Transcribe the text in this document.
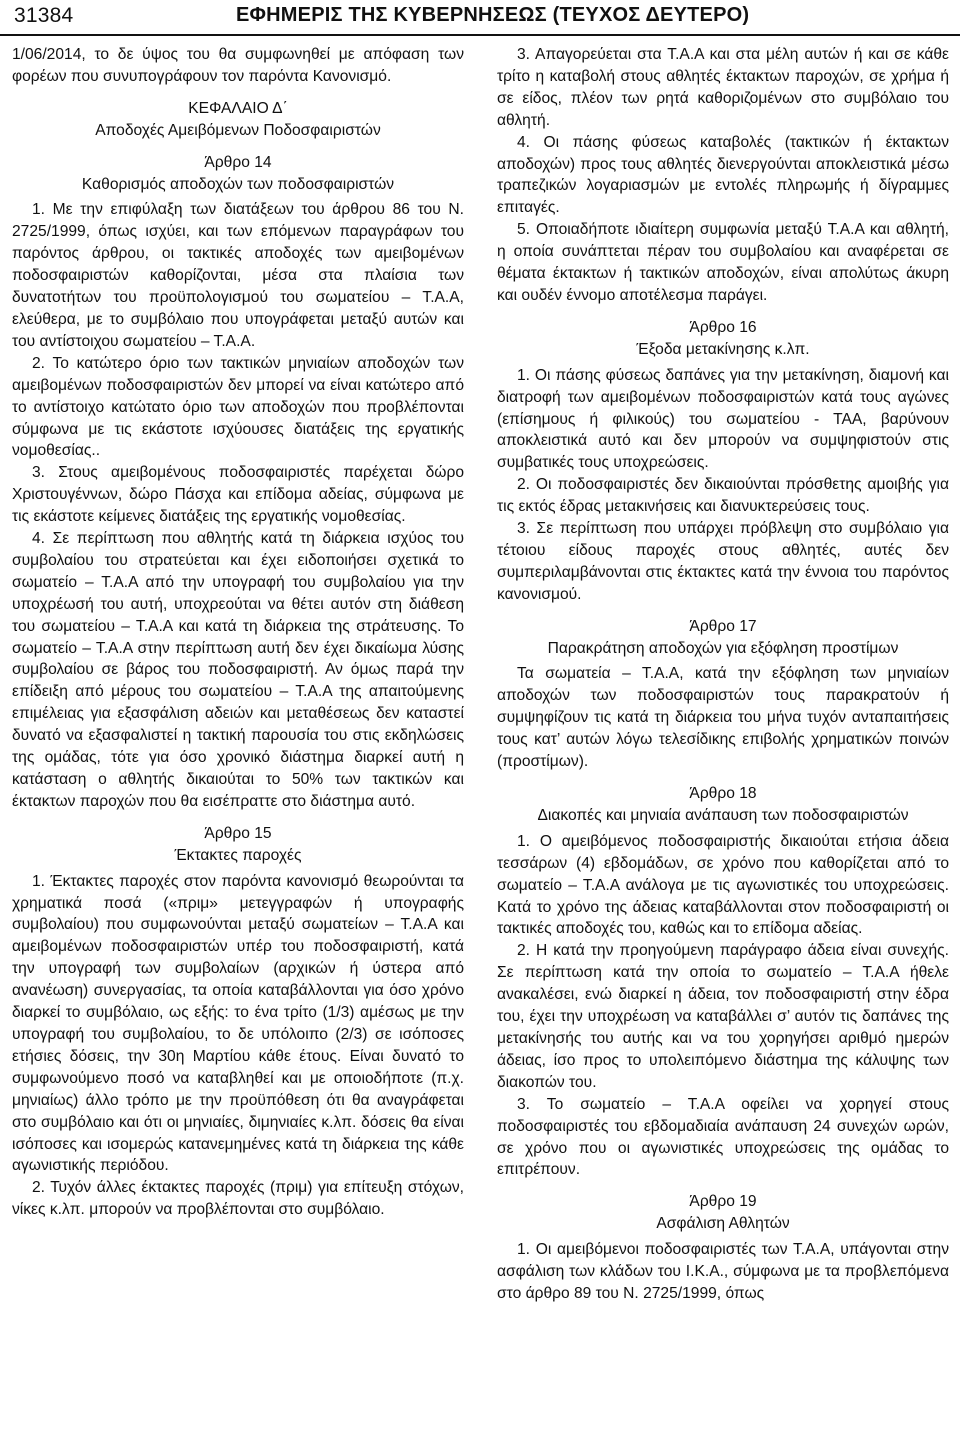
31384	ΕΦΗΜΕΡΙΣ ΤΗΣ ΚΥΒΕΡΝΗΣΕΩΣ (ΤΕΥΧΟΣ ΔΕΥΤΕΡΟ)

1/06/2014, το δε ύψος του θα συμφωνηθεί με απόφαση των φορέων που συνυπογράφουν τον παρόντα Κανονισμό.

ΚΕΦΑΛΑΙΟ Δ΄

Αποδοχές Αμειβόμενων Ποδοσφαιριστών

Άρθρο 14

Καθορισμός αποδοχών των ποδοσφαιριστών

1. Με την επιφύλαξη των διατάξεων του άρθρου 86 του Ν. 2725/1999, όπως ισχύει, και των επόμενων παραγράφων του παρόντος άρθρου, οι τακτικές αποδοχές των αμειβομένων ποδοσφαιριστών καθορίζονται, μέσα στα πλαίσια των δυνατοτήτων του προϋπολογισμού του σωματείου – Τ.Α.Α, ελεύθερα, με το συμβόλαιο που υπογράφεται μεταξύ αυτών και του αντίστοιχου σωματείου – Τ.Α.Α.

2. Το κατώτερο όριο των τακτικών μηνιαίων αποδοχών των αμειβομένων ποδοσφαιριστών δεν μπορεί να είναι κατώτερο από το αντίστοιχο κατώτατο όριο των αποδοχών που προβλέπονται σύμφωνα με τις εκάστοτε ισχύουσες διατάξεις της εργατικής νομοθεσίας..

3. Στους αμειβομένους ποδοσφαιριστές παρέχεται δώρο Χριστουγέννων, δώρο Πάσχα και επίδομα αδείας, σύμφωνα με τις εκάστοτε κείμενες διατάξεις της εργατικής νομοθεσίας.

4. Σε περίπτωση που αθλητής κατά τη διάρκεια ισχύος του συμβολαίου του στρατεύεται και έχει ειδοποιήσει σχετικά το σωματείο – Τ.Α.Α από την υπογραφή του συμβολαίου για την υποχρέωσή του αυτή, υποχρεούται να θέτει αυτόν στη διάθεση του σωματείου – Τ.Α.Α και κατά τη διάρκεια της στράτευσης. Το σωματείο – Τ.Α.Α στην περίπτωση αυτή δεν έχει δικαίωμα λύσης συμβολαίου σε βάρος του ποδοσφαιριστή. Αν όμως παρά την επίδειξη από μέρους του σωματείου – Τ.Α.Α της απαιτούμενης επιμέλειας για εξασφάλιση αδειών και μεταθέσεως δεν καταστεί δυνατό να εξασφαλιστεί η τακτική παρουσία του στις εκδηλώσεις της ομάδας, τότε για όσο χρονικό διάστημα διαρκεί αυτή η κατάσταση ο αθλητής δικαιούται το 50% των τακτικών και έκτακτων παροχών που θα εισέπραττε στο διάστημα αυτό.

Άρθρο 15

Έκτακτες παροχές

1. Έκτακτες παροχές στον παρόντα κανονισμό θεωρούνται τα χρηματικά ποσά («πριμ» μετεγγραφών ή υπογραφής συμβολαίου) που συμφωνούνται μεταξύ σωματείων – Τ.Α.Α και αμειβομένων ποδοσφαιριστών υπέρ του ποδοσφαιριστή, κατά την υπογραφή των συμβολαίων (αρχικών ή ύστερα από ανανέωση) συνεργασίας, τα οποία καταβάλλονται για όσο χρόνο διαρκεί το συμβόλαιο, ως εξής: το ένα τρίτο (1/3) αμέσως με την υπογραφή του συμβολαίου, το δε υπόλοιπο (2/3) σε ισόποσες ετήσιες δόσεις, την 30η Μαρτίου κάθε έτους. Είναι δυνατό το συμφωνούμενο ποσό να καταβληθεί και με οποιοδήποτε (π.χ. μηνιαίως) άλλο τρόπο με την προϋπόθεση ότι θα αναγράφεται στο συμβόλαιο και ότι οι μηνιαίες, διμηνιαίες κ.λπ. δόσεις θα είναι ισόποσες και ισομερώς κατανεμημένες κατά τη διάρκεια της κάθε αγωνιστικής περιόδου.

2. Τυχόν άλλες έκτακτες παροχές (πριμ) για επίτευξη στόχων, νίκες κ.λπ. μπορούν να προβλέπονται στο συμβόλαιο.

3. Απαγορεύεται στα Τ.Α.Α και στα μέλη αυτών ή και σε κάθε τρίτο η καταβολή στους αθλητές έκτακτων παροχών, σε χρήμα ή σε είδος, πλέον των ρητά καθοριζομένων στο συμβόλαιο του αθλητή.

4. Οι πάσης φύσεως καταβολές (τακτικών ή έκτακτων αποδοχών) προς τους αθλητές διενεργούνται αποκλειστικά μέσω τραπεζικών λογαριασμών με εντολές πληρωμής ή δίγραμμες επιταγές.

5. Οποιαδήποτε ιδιαίτερη συμφωνία μεταξύ Τ.Α.Α και αθλητή, η οποία συνάπτεται πέραν του συμβολαίου και αναφέρεται σε θέματα έκτακτων ή τακτικών αποδοχών, είναι απολύτως άκυρη και ουδέν έννομο αποτέλεσμα παράγει.

Άρθρο 16

Έξοδα μετακίνησης κ.λπ.

1. Οι πάσης φύσεως δαπάνες για την μετακίνηση, διαμονή και διατροφή των αμειβομένων ποδοσφαιριστών κατά τους αγώνες (επίσημους ή φιλικούς) του σωματείου - ΤΑΑ, βαρύνουν αποκλειστικά αυτό και δεν μπορούν να συμψηφιστούν στις συμβατικές τους υποχρεώσεις.

2. Οι ποδοσφαιριστές δεν δικαιούνται πρόσθετης αμοιβής για τις εκτός έδρας μετακινήσεις και διανυκτερεύσεις τους.

3. Σε περίπτωση που υπάρχει πρόβλεψη στο συμβόλαιο για τέτοιου είδους παροχές στους αθλητές, αυτές δεν συμπεριλαμβάνονται στις έκτακτες κατά την έννοια του παρόντος κανονισμού.

Άρθρο 17

Παρακράτηση αποδοχών για εξόφληση προστίμων

Τα σωματεία – Τ.Α.Α, κατά την εξόφληση των μηνιαίων αποδοχών των ποδοσφαιριστών τους παρακρατούν ή συμψηφίζουν τις κατά τη διάρκεια του μήνα τυχόν ανταπαιτήσεις τους κατ’ αυτών λόγω τελεσίδικης επιβολής χρηματικών ποινών (προστίμων).

Άρθρο 18

Διακοπές και μηνιαία ανάπαυση των ποδοσφαιριστών

1. Ο αμειβόμενος ποδοσφαιριστής δικαιούται ετήσια άδεια τεσσάρων (4) εβδομάδων, σε χρόνο που καθορίζεται από το σωματείο – Τ.Α.Α ανάλογα με τις αγωνιστικές του υποχρεώσεις. Κατά το χρόνο της άδειας καταβάλλονται στον ποδοσφαιριστή οι τακτικές αποδοχές του, καθώς και το επίδομα αδείας.

2. Η κατά την προηγούμενη παράγραφο άδεια είναι συνεχής. Σε περίπτωση κατά την οποία το σωματείο – Τ.Α.Α ήθελε ανακαλέσει, ενώ διαρκεί η άδεια, τον ποδοσφαιριστή στην έδρα του, έχει την υποχρέωση να καταβάλλει σ’ αυτόν τις δαπάνες της μετακίνησής του αυτής και να του χορηγήσει αριθμό ημερών άδειας, ίσο προς το υπολειπόμενο διάστημα της κάλυψης των διακοπών του.

3. Το σωματείο – Τ.Α.Α οφείλει να χορηγεί στους ποδοσφαιριστές του εβδομαδιαία ανάπαυση 24 συνεχών ωρών, σε χρόνο που οι αγωνιστικές υποχρεώσεις της ομάδας το επιτρέπουν.

Άρθρο 19

Ασφάλιση Αθλητών

1. Οι αμειβόμενοι ποδοσφαιριστές των Τ.Α.Α, υπάγονται στην ασφάλιση των κλάδων του Ι.Κ.Α., σύμφωνα με τα προβλεπόμενα στο άρθρο 89 του Ν. 2725/1999, όπως
